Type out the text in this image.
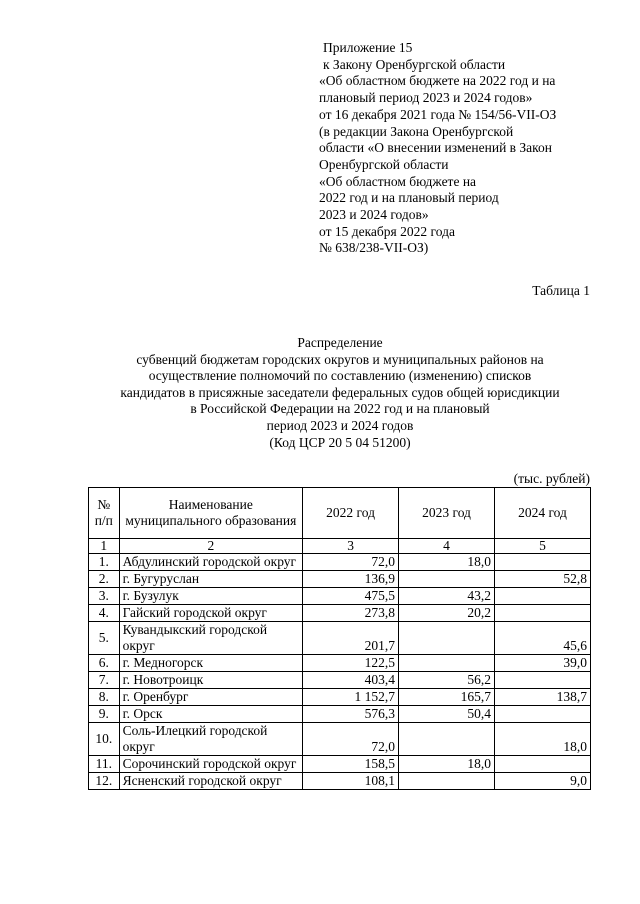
Приложение 15
к Закону Оренбургской области
«Об областном бюджете на 2022 год и на
плановый период 2023 и 2024 годов»
от 16 декабря 2021 года № 154/56-VII-ОЗ
(в редакции Закона Оренбургской
области «О внесении изменений в Закон
Оренбургской области
«Об областном бюджете на
2022 год и на плановый период
2023 и 2024 годов»
от 15 декабря 2022 года
№ 638/238-VII-ОЗ)
Таблица 1
Распределение
субвенций бюджетам городских округов и муниципальных районов на
осуществление полномочий по составлению (изменению) списков
кандидатов в присяжные заседатели федеральных судов общей юрисдикции
в Российской Федерации на 2022 год и на плановый
период 2023 и 2024 годов
(Код ЦСР 20 5 04 51200)
(тыс. рублей)
№ п/п	Наименование муниципального образования	2022 год	2023 год	2024 год
1	2	3	4	5
1.	Абдулинский городской округ	72,0	18,0	
2.	г. Бугуруслан	136,9		52,8
3.	г. Бузулук	475,5	43,2	
4.	Гайский городской округ	273,8	20,2	
5.	Кувандыкский городской округ	201,7		45,6
6.	г. Медногорск	122,5		39,0
7.	г. Новотроицк	403,4	56,2	
8.	г. Оренбург	1 152,7	165,7	138,7
9.	г. Орск	576,3	50,4	
10.	Соль-Илецкий городской округ	72,0		18,0
11.	Сорочинский городской округ	158,5	18,0	
12.	Ясненский городской округ	108,1		9,0
